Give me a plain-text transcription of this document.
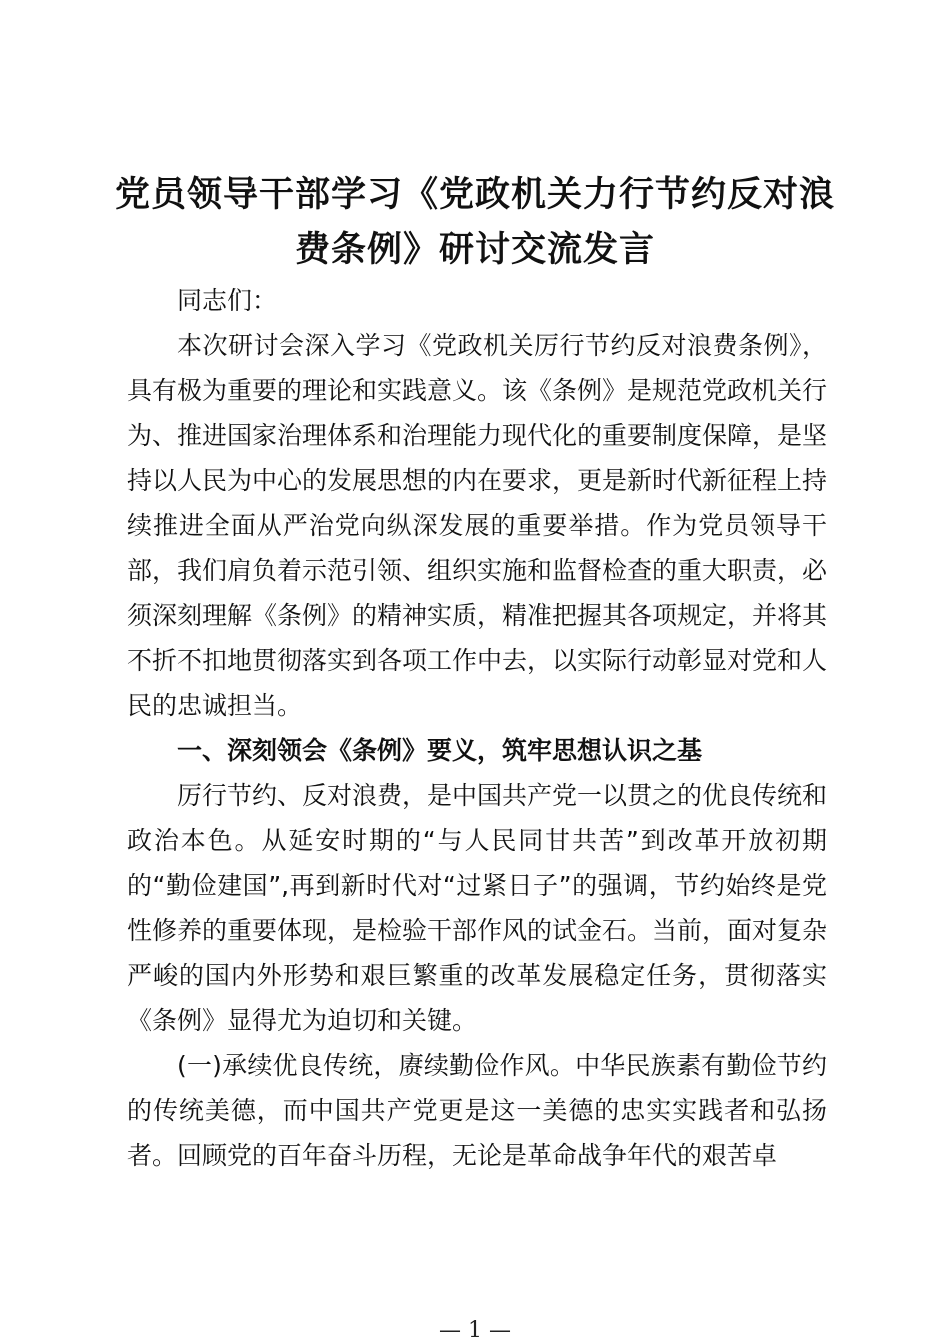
党员领导干部学习《党政机关力行节约反对浪费条例》研讨交流发言

同志们：

本次研讨会深入学习《党政机关厉行节约反对浪费条例》，具有极为重要的理论和实践意义。该《条例》是规范党政机关行为、推进国家治理体系和治理能力现代化的重要制度保障，是坚持以人民为中心的发展思想的内在要求，更是新时代新征程上持续推进全面从严治党向纵深发展的重要举措。作为党员领导干部，我们肩负着示范引领、组织实施和监督检查的重大职责，必须深刻理解《条例》的精神实质，精准把握其各项规定，并将其不折不扣地贯彻落实到各项工作中去，以实际行动彰显对党和人民的忠诚担当。

一、深刻领会《条例》要义，筑牢思想认识之基

厉行节约、反对浪费，是中国共产党一以贯之的优良传统和政治本色。从延安时期的“与人民同甘共苦”到改革开放初期的“勤俭建国”,再到新时代对“过紧日子”的强调，节约始终是党性修养的重要体现，是检验干部作风的试金石。当前，面对复杂严峻的国内外形势和艰巨繁重的改革发展稳定任务，贯彻落实《条例》显得尤为迫切和关键。

(一)承续优良传统，赓续勤俭作风。中华民族素有勤俭节约的传统美德，而中国共产党更是这一美德的忠实实践者和弘扬者。回顾党的百年奋斗历程，无论是革命战争年代的艰苦卓

— 1 —
